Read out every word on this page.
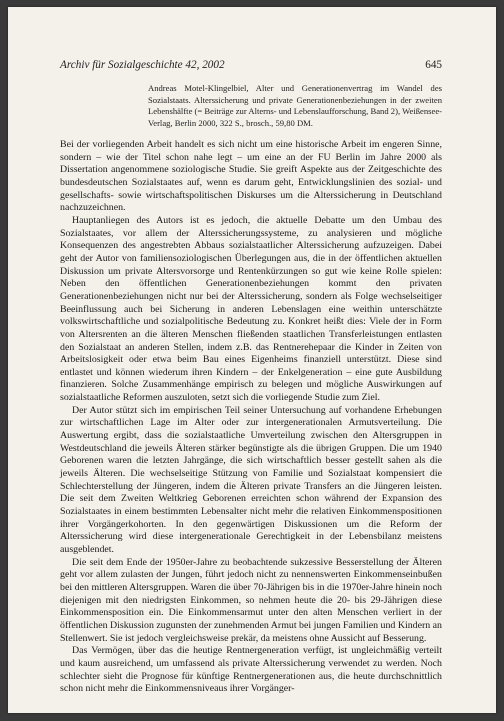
Archiv für Sozialgeschichte 42, 2002	645
Andreas Motel-Klingelbiel, Alter und Generationenvertrag im Wandel des Sozialstaats. Alterssicherung und private Generationenbeziehungen in der zweiten Lebenshälfte (= Beiträge zur Alterns- und Lebenslaufforschung, Band 2), Weißensee-Verlag, Berlin 2000, 322 S., brosch., 59,80 DM.

Bei der vorliegenden Arbeit handelt es sich nicht um eine historische Arbeit im engeren Sinne, sondern – wie der Titel schon nahe legt – um eine an der FU Berlin im Jahre 2000 als Dissertation angenommene soziologische Studie. Sie greift Aspekte aus der Zeitgeschichte des bundesdeutschen Sozialstaates auf, wenn es darum geht, Entwicklungslinien des sozial- und gesellschafts- sowie wirtschaftspolitischen Diskurses um die Alterssicherung in Deutschland nachzuzeichnen.

Hauptanliegen des Autors ist es jedoch, die aktuelle Debatte um den Umbau des Sozialstaates, vor allem der Alterssicherungssysteme, zu analysieren und mögliche Konsequenzen des angestrebten Abbaus sozialstaatlicher Alterssicherung aufzuzeigen. Dabei geht der Autor von familiensoziologischen Überlegungen aus, die in der öffentlichen aktuellen Diskussion um private Altersvorsorge und Rentenkürzungen so gut wie keine Rolle spielen: Neben den öffentlichen Generationenbeziehungen kommt den privaten Generationenbeziehungen nicht nur bei der Alterssicherung, sondern als Folge wechselseitiger Beeinflussung auch bei Sicherung in anderen Lebenslagen eine weithin unterschätzte volkswirtschaftliche und sozialpolitische Bedeutung zu. Konkret heißt dies: Viele der in Form von Altersrenten an die älteren Menschen fließenden staatlichen Transferleistungen entlasten den Sozialstaat an anderen Stellen, indem z.B. das Rentnerehepaar die Kinder in Zeiten von Arbeitslosigkeit oder etwa beim Bau eines Eigenheims finanziell unterstützt. Diese sind entlastet und können wiederum ihren Kindern – der Enkelgeneration – eine gute Ausbildung finanzieren. Solche Zusammenhänge empirisch zu belegen und mögliche Auswirkungen auf sozialstaatliche Reformen auszuloten, setzt sich die vorliegende Studie zum Ziel.

Der Autor stützt sich im empirischen Teil seiner Untersuchung auf vorhandene Erhebungen zur wirtschaftlichen Lage im Alter oder zur intergenerationalen Armutsverteilung. Die Auswertung ergibt, dass die sozialstaatliche Umverteilung zwischen den Altersgruppen in Westdeutschland die jeweils Älteren stärker begünstigte als die übrigen Gruppen. Die um 1940 Geborenen waren die letzten Jahrgänge, die sich wirtschaftlich besser gestellt sahen als die jeweils Älteren. Die wechselseitige Stützung von Familie und Sozialstaat kompensiert die Schlechterstellung der Jüngeren, indem die Älteren private Transfers an die Jüngeren leisten. Die seit dem Zweiten Weltkrieg Geborenen erreichten schon während der Expansion des Sozialstaates in einem bestimmten Lebensalter nicht mehr die relativen Einkommenspositionen ihrer Vorgängerkohorten. In den gegenwärtigen Diskussionen um die Reform der Alterssicherung wird diese intergenerationale Gerechtigkeit in der Lebensbilanz meistens ausgeblendet.

Die seit dem Ende der 1950er-Jahre zu beobachtende sukzessive Besserstellung der Älteren geht vor allem zulasten der Jungen, führt jedoch nicht zu nennenswerten Einkommenseinbußen bei den mittleren Altersgruppen. Waren die über 70-Jährigen bis in die 1970er-Jahre hinein noch diejenigen mit den niedrigsten Einkommen, so nehmen heute die 20- bis 29-Jährigen diese Einkommensposition ein. Die Einkommensarmut unter den alten Menschen verliert in der öffentlichen Diskussion zugunsten der zunehmenden Armut bei jungen Familien und Kindern an Stellenwert. Sie ist jedoch vergleichsweise prekär, da meistens ohne Aussicht auf Besserung.

Das Vermögen, über das die heutige Rentnergeneration verfügt, ist ungleichmäßig verteilt und kaum ausreichend, um umfassend als private Alterssicherung verwendet zu werden. Noch schlechter sieht die Prognose für künftige Rentnergenerationen aus, die heute durchschnittlich schon nicht mehr die Einkommensniveaus ihrer Vorgänger-
